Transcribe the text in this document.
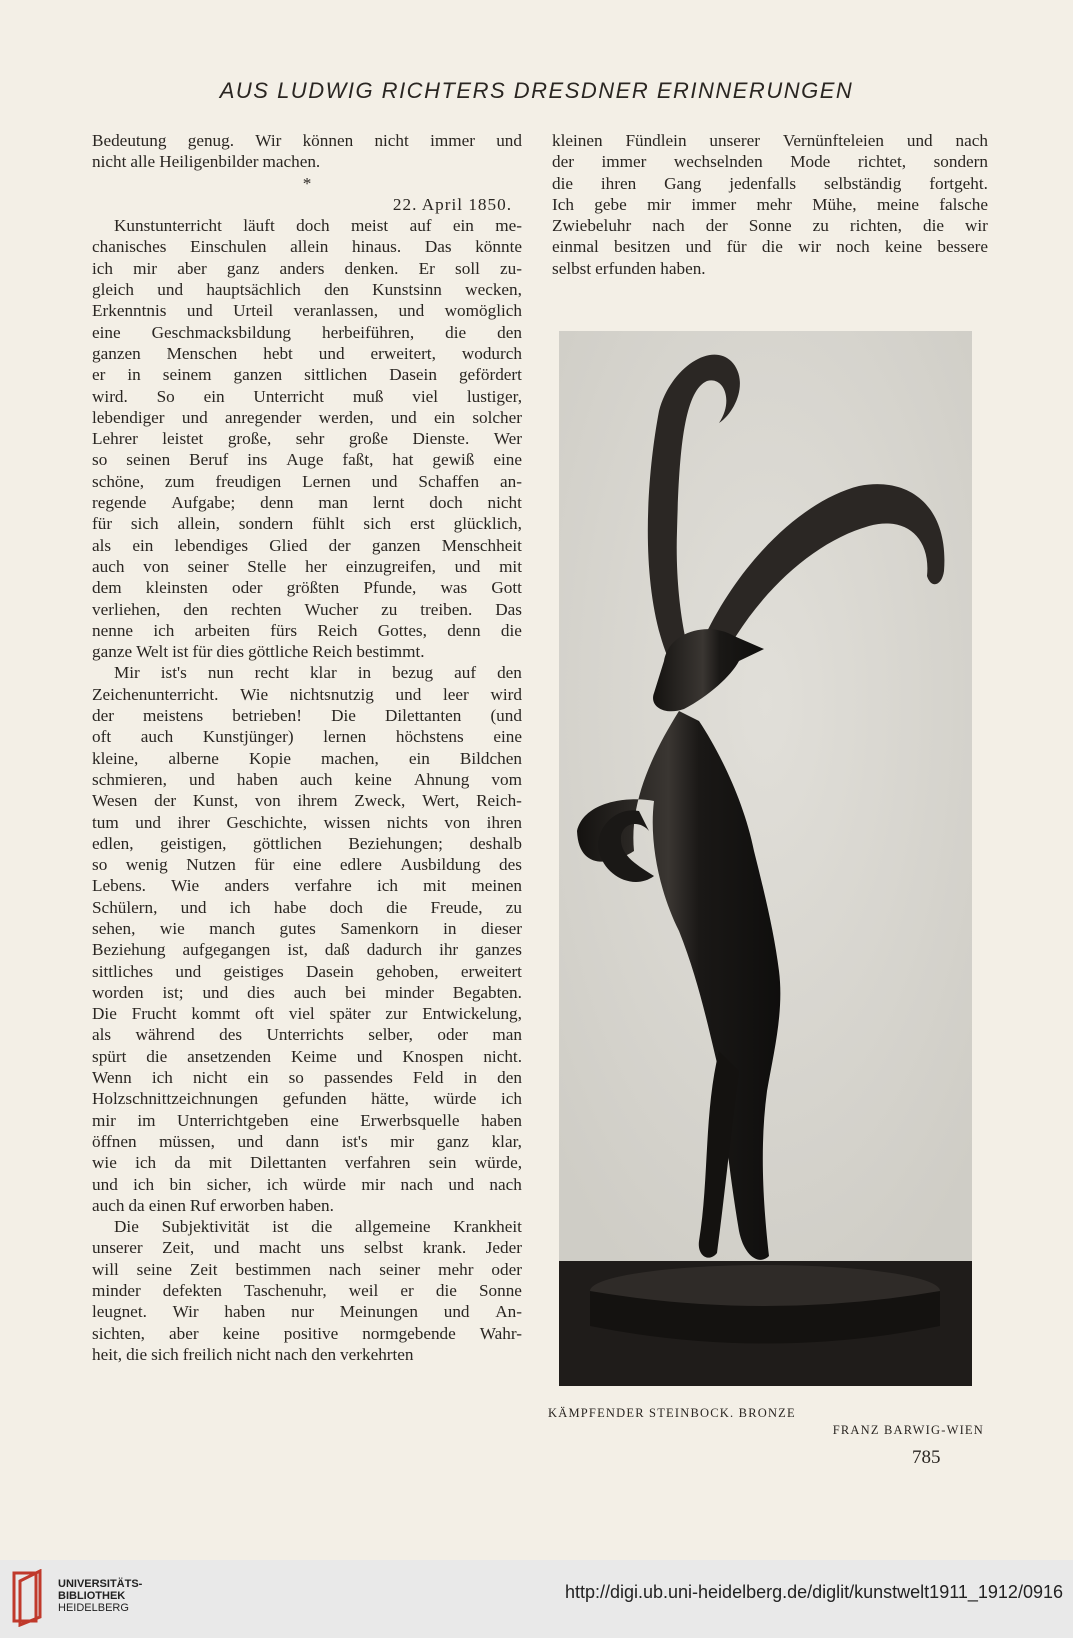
AUS LUDWIG RICHTERS DRESDNER ERINNERUNGEN
Bedeutung genug. Wir können nicht immer und
nicht alle Heiligenbilder machen.
*
22. April 1850.
Kunstunterricht läuft doch meist auf ein me-
chanisches Einschulen allein hinaus. Das könnte
ich mir aber ganz anders denken. Er soll zu-
gleich und hauptsächlich den Kunstsinn wecken,
Erkenntnis und Urteil veranlassen, und womöglich
eine Geschmacksbildung herbeiführen, die den
ganzen Menschen hebt und erweitert, wodurch
er in seinem ganzen sittlichen Dasein gefördert
wird. So ein Unterricht muß viel lustiger,
lebendiger und anregender werden, und ein solcher
Lehrer leistet große, sehr große Dienste. Wer
so seinen Beruf ins Auge faßt, hat gewiß eine
schöne, zum freudigen Lernen und Schaffen an-
regende Aufgabe; denn man lernt doch nicht
für sich allein, sondern fühlt sich erst glücklich,
als ein lebendiges Glied der ganzen Menschheit
auch von seiner Stelle her einzugreifen, und mit
dem kleinsten oder größten Pfunde, was Gott
verliehen, den rechten Wucher zu treiben. Das
nenne ich arbeiten fürs Reich Gottes, denn die
ganze Welt ist für dies göttliche Reich bestimmt.
Mir ist's nun recht klar in bezug auf den
Zeichenunterricht. Wie nichtsnutzig und leer wird
der meistens betrieben! Die Dilettanten (und
oft auch Kunstjünger) lernen höchstens eine
kleine, alberne Kopie machen, ein Bildchen
schmieren, und haben auch keine Ahnung vom
Wesen der Kunst, von ihrem Zweck, Wert, Reich-
tum und ihrer Geschichte, wissen nichts von ihren
edlen, geistigen, göttlichen Beziehungen; deshalb
so wenig Nutzen für eine edlere Ausbildung des
Lebens. Wie anders verfahre ich mit meinen
Schülern, und ich habe doch die Freude, zu
sehen, wie manch gutes Samenkorn in dieser
Beziehung aufgegangen ist, daß dadurch ihr ganzes
sittliches und geistiges Dasein gehoben, erweitert
worden ist; und dies auch bei minder Begabten.
Die Frucht kommt oft viel später zur Entwickelung,
als während des Unterrichts selber, oder man
spürt die ansetzenden Keime und Knospen nicht.
Wenn ich nicht ein so passendes Feld in den
Holzschnittzeichnungen gefunden hätte, würde ich
mir im Unterrichtgeben eine Erwerbsquelle haben
öffnen müssen, und dann ist's mir ganz klar,
wie ich da mit Dilettanten verfahren sein würde,
und ich bin sicher, ich würde mir nach und nach
auch da einen Ruf erworben haben.
Die Subjektivität ist die allgemeine Krankheit
unserer Zeit, und macht uns selbst krank. Jeder
will seine Zeit bestimmen nach seiner mehr oder
minder defekten Taschenuhr, weil er die Sonne
leugnet. Wir haben nur Meinungen und An-
sichten, aber keine positive normgebende Wahr-
heit, die sich freilich nicht nach den verkehrten
kleinen Fündlein unserer Vernünfteleien und nach
der immer wechselnden Mode richtet, sondern
die ihren Gang jedenfalls selbständig fortgeht.
Ich gebe mir immer mehr Mühe, meine falsche
Zwiebeluhr nach der Sonne zu richten, die wir
einmal besitzen und für die wir noch keine bessere
selbst erfunden haben.
KÄMPFENDER STEINBOCK. BRONZE
FRANZ BARWIG-WIEN
785
UNIVERSITÄTS-
BIBLIOTHEK
HEIDELBERG
http://digi.ub.uni-heidelberg.de/diglit/kunstwelt1911_1912/0916
